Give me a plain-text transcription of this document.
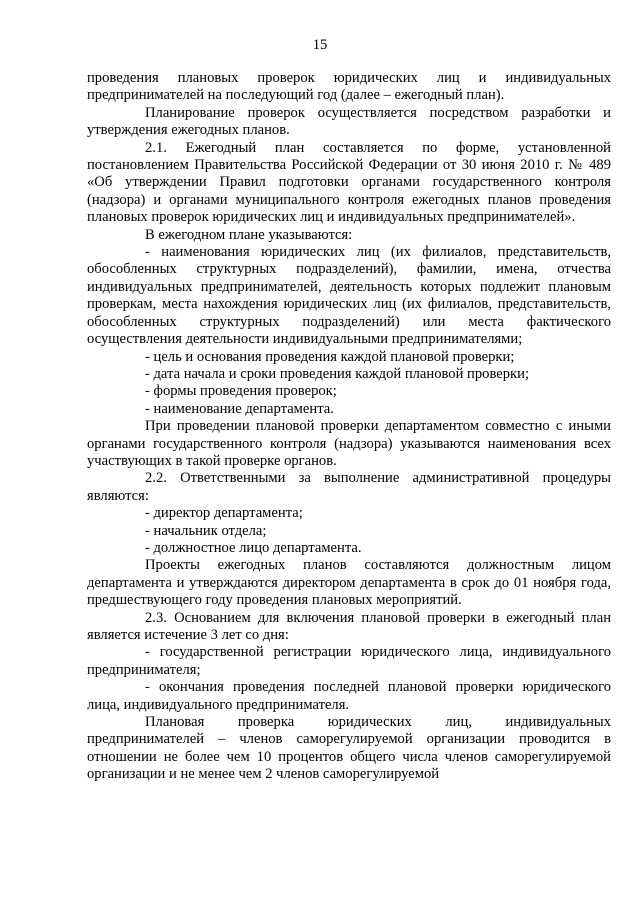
15

проведения плановых проверок юридических лиц и индивидуальных предпринимателей на последующий год (далее – ежегодный план).

Планирование проверок осуществляется посредством разработки и утверждения ежегодных планов.

2.1. Ежегодный план составляется по форме, установленной постановлением Правительства Российской Федерации от 30 июня 2010 г. № 489 «Об утверждении Правил подготовки органами государственного контроля (надзора) и органами муниципального контроля ежегодных планов проведения плановых проверок юридических лиц и индивидуальных предпринимателей».

В ежегодном плане указываются:

- наименования юридических лиц (их филиалов, представительств, обособленных структурных подразделений), фамилии, имена, отчества индивидуальных предпринимателей, деятельность которых подлежит плановым проверкам, места нахождения юридических лиц (их филиалов, представительств, обособленных структурных подразделений) или места фактического осуществления деятельности индивидуальными предпринимателями;

- цель и основания проведения каждой плановой проверки;

- дата начала и сроки проведения каждой плановой проверки;

- формы проведения проверок;

- наименование департамента.

При проведении плановой проверки департаментом совместно с иными органами государственного контроля (надзора) указываются наименования всех участвующих в такой проверке органов.

2.2. Ответственными за выполнение административной процедуры являются:

- директор департамента;

- начальник отдела;

- должностное лицо департамента.

Проекты ежегодных планов составляются должностным лицом департамента и утверждаются директором департамента в срок до 01 ноября года, предшествующего году проведения плановых мероприятий.

2.3. Основанием для включения плановой проверки в ежегодный план является истечение 3 лет со дня:

- государственной регистрации юридического лица, индивидуального предпринимателя;

- окончания проведения последней плановой проверки юридического лица, индивидуального предпринимателя.

Плановая проверка юридических лиц, индивидуальных предпринимателей – членов саморегулируемой организации проводится в отношении не более чем 10 процентов общего числа членов саморегулируемой организации и не менее чем 2 членов саморегулируемой
